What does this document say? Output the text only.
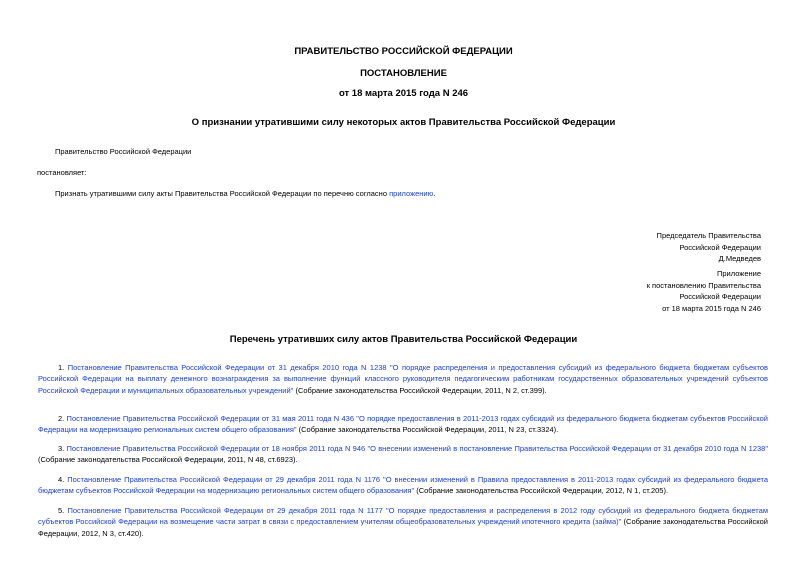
ПРАВИТЕЛЬСТВО РОССИЙСКОЙ ФЕДЕРАЦИИ
ПОСТАНОВЛЕНИЕ
от 18 марта 2015 года N 246
О признании утратившими силу некоторых актов Правительства Российской Федерации
Правительство Российской Федерации
постановляет:
Признать утратившими силу акты Правительства Российской Федерации по перечню согласно приложению.
Председатель Правительства
Российской Федерации
Д.Медведев
Приложение
к постановлению Правительства
Российской Федерации
от 18 марта 2015 года N 246
Перечень утративших силу актов Правительства Российской Федерации
1. Постановление Правительства Российской Федерации от 31 декабря 2010 года N 1238 "О порядке распределения и предоставления субсидий из федерального бюджета бюджетам субъектов Российской Федерации на выплату денежного вознаграждения за выполнение функций классного руководителя педагогическим работникам государственных образовательных учреждений субъектов Российской Федерации и муниципальных образовательных учреждений" (Собрание законодательства Российской Федерации, 2011, N 2, ст.399).
2. Постановление Правительства Российской Федерации от 31 мая 2011 года N 436 "О порядке предоставления в 2011-2013 годах субсидий из федерального бюджета бюджетам субъектов Российской Федерации на модернизацию региональных систем общего образования" (Собрание законодательства Российской Федерации, 2011, N 23, ст.3324).
3. Постановление Правительства Российской Федерации от 18 ноября 2011 года N 946 "О внесении изменений в постановление Правительства Российской Федерации от 31 декабря 2010 года N 1238" (Собрание законодательства Российской Федерации, 2011, N 48, ст.6923).
4. Постановление Правительства Российской Федерации от 29 декабря 2011 года N 1176 "О внесении изменений в Правила предоставления в 2011-2013 годах субсидий из федерального бюджета бюджетам субъектов Российской Федерации на модернизацию региональных систем общего образования" (Собрание законодательства Российской Федерации, 2012, N 1, ст.205).
5. Постановление Правительства Российской Федерации от 29 декабря 2011 года N 1177 "О порядке предоставления и распределения в 2012 году субсидий из федерального бюджета бюджетам субъектов Российской Федерации на возмещение части затрат в связи с предоставлением учителям общеобразовательных учреждений ипотечного кредита (займа)" (Собрание законодательства Российской Федерации, 2012, N 3, ст.420).
